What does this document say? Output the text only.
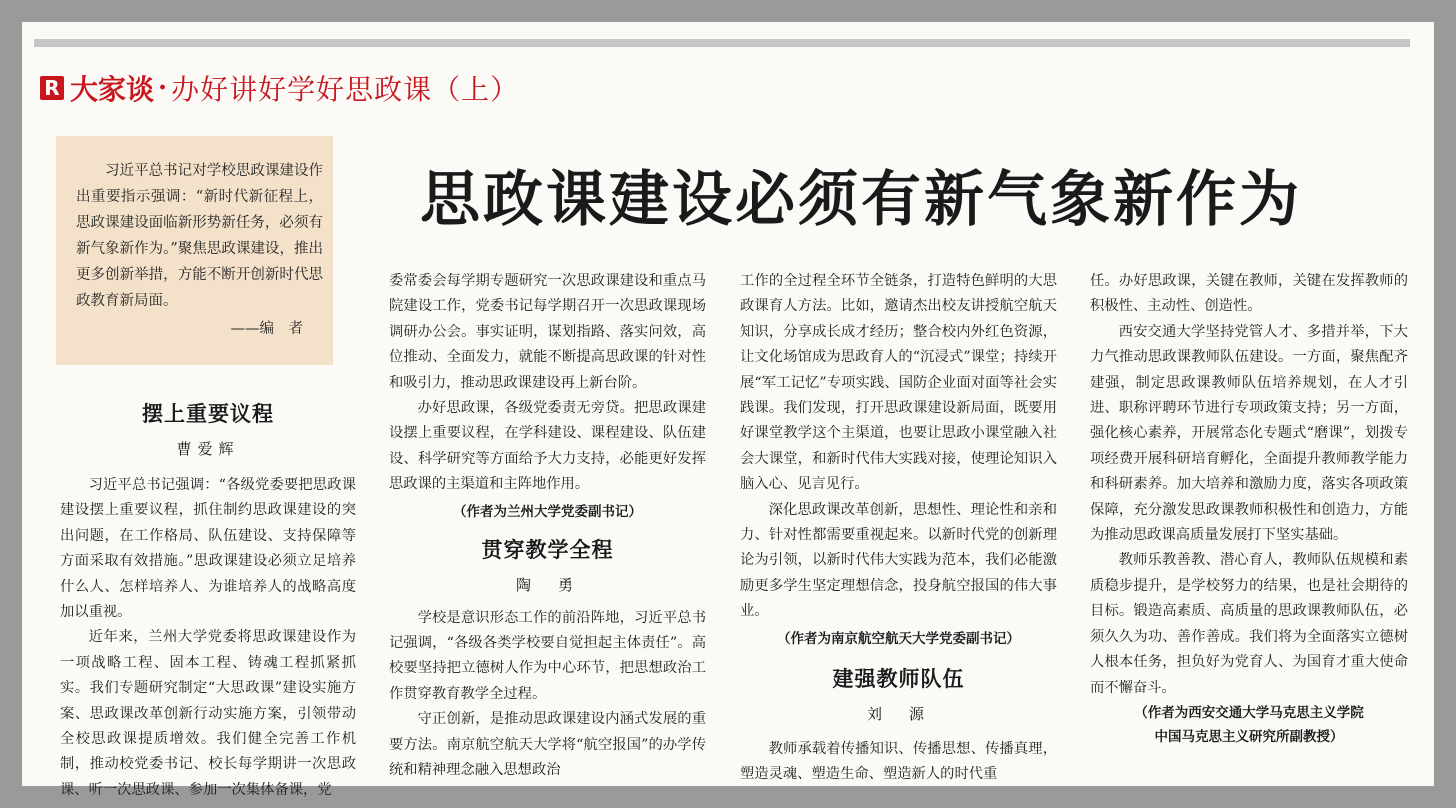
R 大家谈 · 办好讲好学好思政课（上）
思政课建设必须有新气象新作为

习近平总书记对学校思政课建设作出重要指示强调：“新时代新征程上，思政课建设面临新形势新任务，必须有新气象新作为。”聚焦思政课建设，推出更多创新举措，方能不断开创新时代思政教育新局面。

——编　者
摆上重要议程
曹爱辉

习近平总书记强调：“各级党委要把思政课建设摆上重要议程，抓住制约思政课建设的突出问题，在工作格局、队伍建设、支持保障等方面采取有效措施。”思政课建设必须立足培养什么人、怎样培养人、为谁培养人的战略高度加以重视。

近年来，兰州大学党委将思政课建设作为一项战略工程、固本工程、铸魂工程抓紧抓实。我们专题研究制定“大思政课”建设实施方案、思政课改革创新行动实施方案，引领带动全校思政课提质增效。我们健全完善工作机制，推动校党委书记、校长每学期讲一次思政课、听一次思政课、参加一次集体备课，党

委常委会每学期专题研究一次思政课建设和重点马院建设工作，党委书记每学期召开一次思政课现场调研办公会。事实证明，谋划指路、落实问效，高位推动、全面发力，就能不断提高思政课的针对性和吸引力，推动思政课建设再上新台阶。

办好思政课，各级党委责无旁贷。把思政课建设摆上重要议程，在学科建设、课程建设、队伍建设、科学研究等方面给予大力支持，必能更好发挥思政课的主渠道和主阵地作用。

（作者为兰州大学党委副书记）
贯穿教学全程
陶　勇

学校是意识形态工作的前沿阵地，习近平总书记强调，“各级各类学校要自觉担起主体责任”。高校要坚持把立德树人作为中心环节，把思想政治工作贯穿教育教学全过程。

守正创新，是推动思政课建设内涵式发展的重要方法。南京航空航天大学将“航空报国”的办学传统和精神理念融入思想政治

工作的全过程全环节全链条，打造特色鲜明的大思政课育人方法。比如，邀请杰出校友讲授航空航天知识，分享成长成才经历；整合校内外红色资源，让文化场馆成为思政育人的“沉浸式”课堂；持续开展“军工记忆”专项实践、国防企业面对面等社会实践课。我们发现，打开思政课建设新局面，既要用好课堂教学这个主渠道，也要让思政小课堂融入社会大课堂，和新时代伟大实践对接，使理论知识入脑入心、见言见行。

深化思政课改革创新，思想性、理论性和亲和力、针对性都需要重视起来。以新时代党的创新理论为引领，以新时代伟大实践为范本，我们必能激励更多学生坚定理想信念，投身航空报国的伟大事业。

（作者为南京航空航天大学党委副书记）
建强教师队伍
刘　源

教师承载着传播知识、传播思想、传播真理，塑造灵魂、塑造生命、塑造新人的时代重

任。办好思政课，关键在教师，关键在发挥教师的积极性、主动性、创造性。

西安交通大学坚持党管人才、多措并举，下大力气推动思政课教师队伍建设。一方面，聚焦配齐建强，制定思政课教师队伍培养规划，在人才引进、职称评聘环节进行专项政策支持；另一方面，强化核心素养，开展常态化专题式“磨课”，划拨专项经费开展科研培育孵化，全面提升教师教学能力和科研素养。加大培养和激励力度，落实各项政策保障，充分激发思政课教师积极性和创造力，方能为推动思政课高质量发展打下坚实基础。

教师乐教善教、潜心育人，教师队伍规模和素质稳步提升，是学校努力的结果，也是社会期待的目标。锻造高素质、高质量的思政课教师队伍，必须久久为功、善作善成。我们将为全面落实立德树人根本任务，担负好为党育人、为国育才重大使命而不懈奋斗。

（作者为西安交通大学马克思主义学院
中国马克思主义研究所副教授）
